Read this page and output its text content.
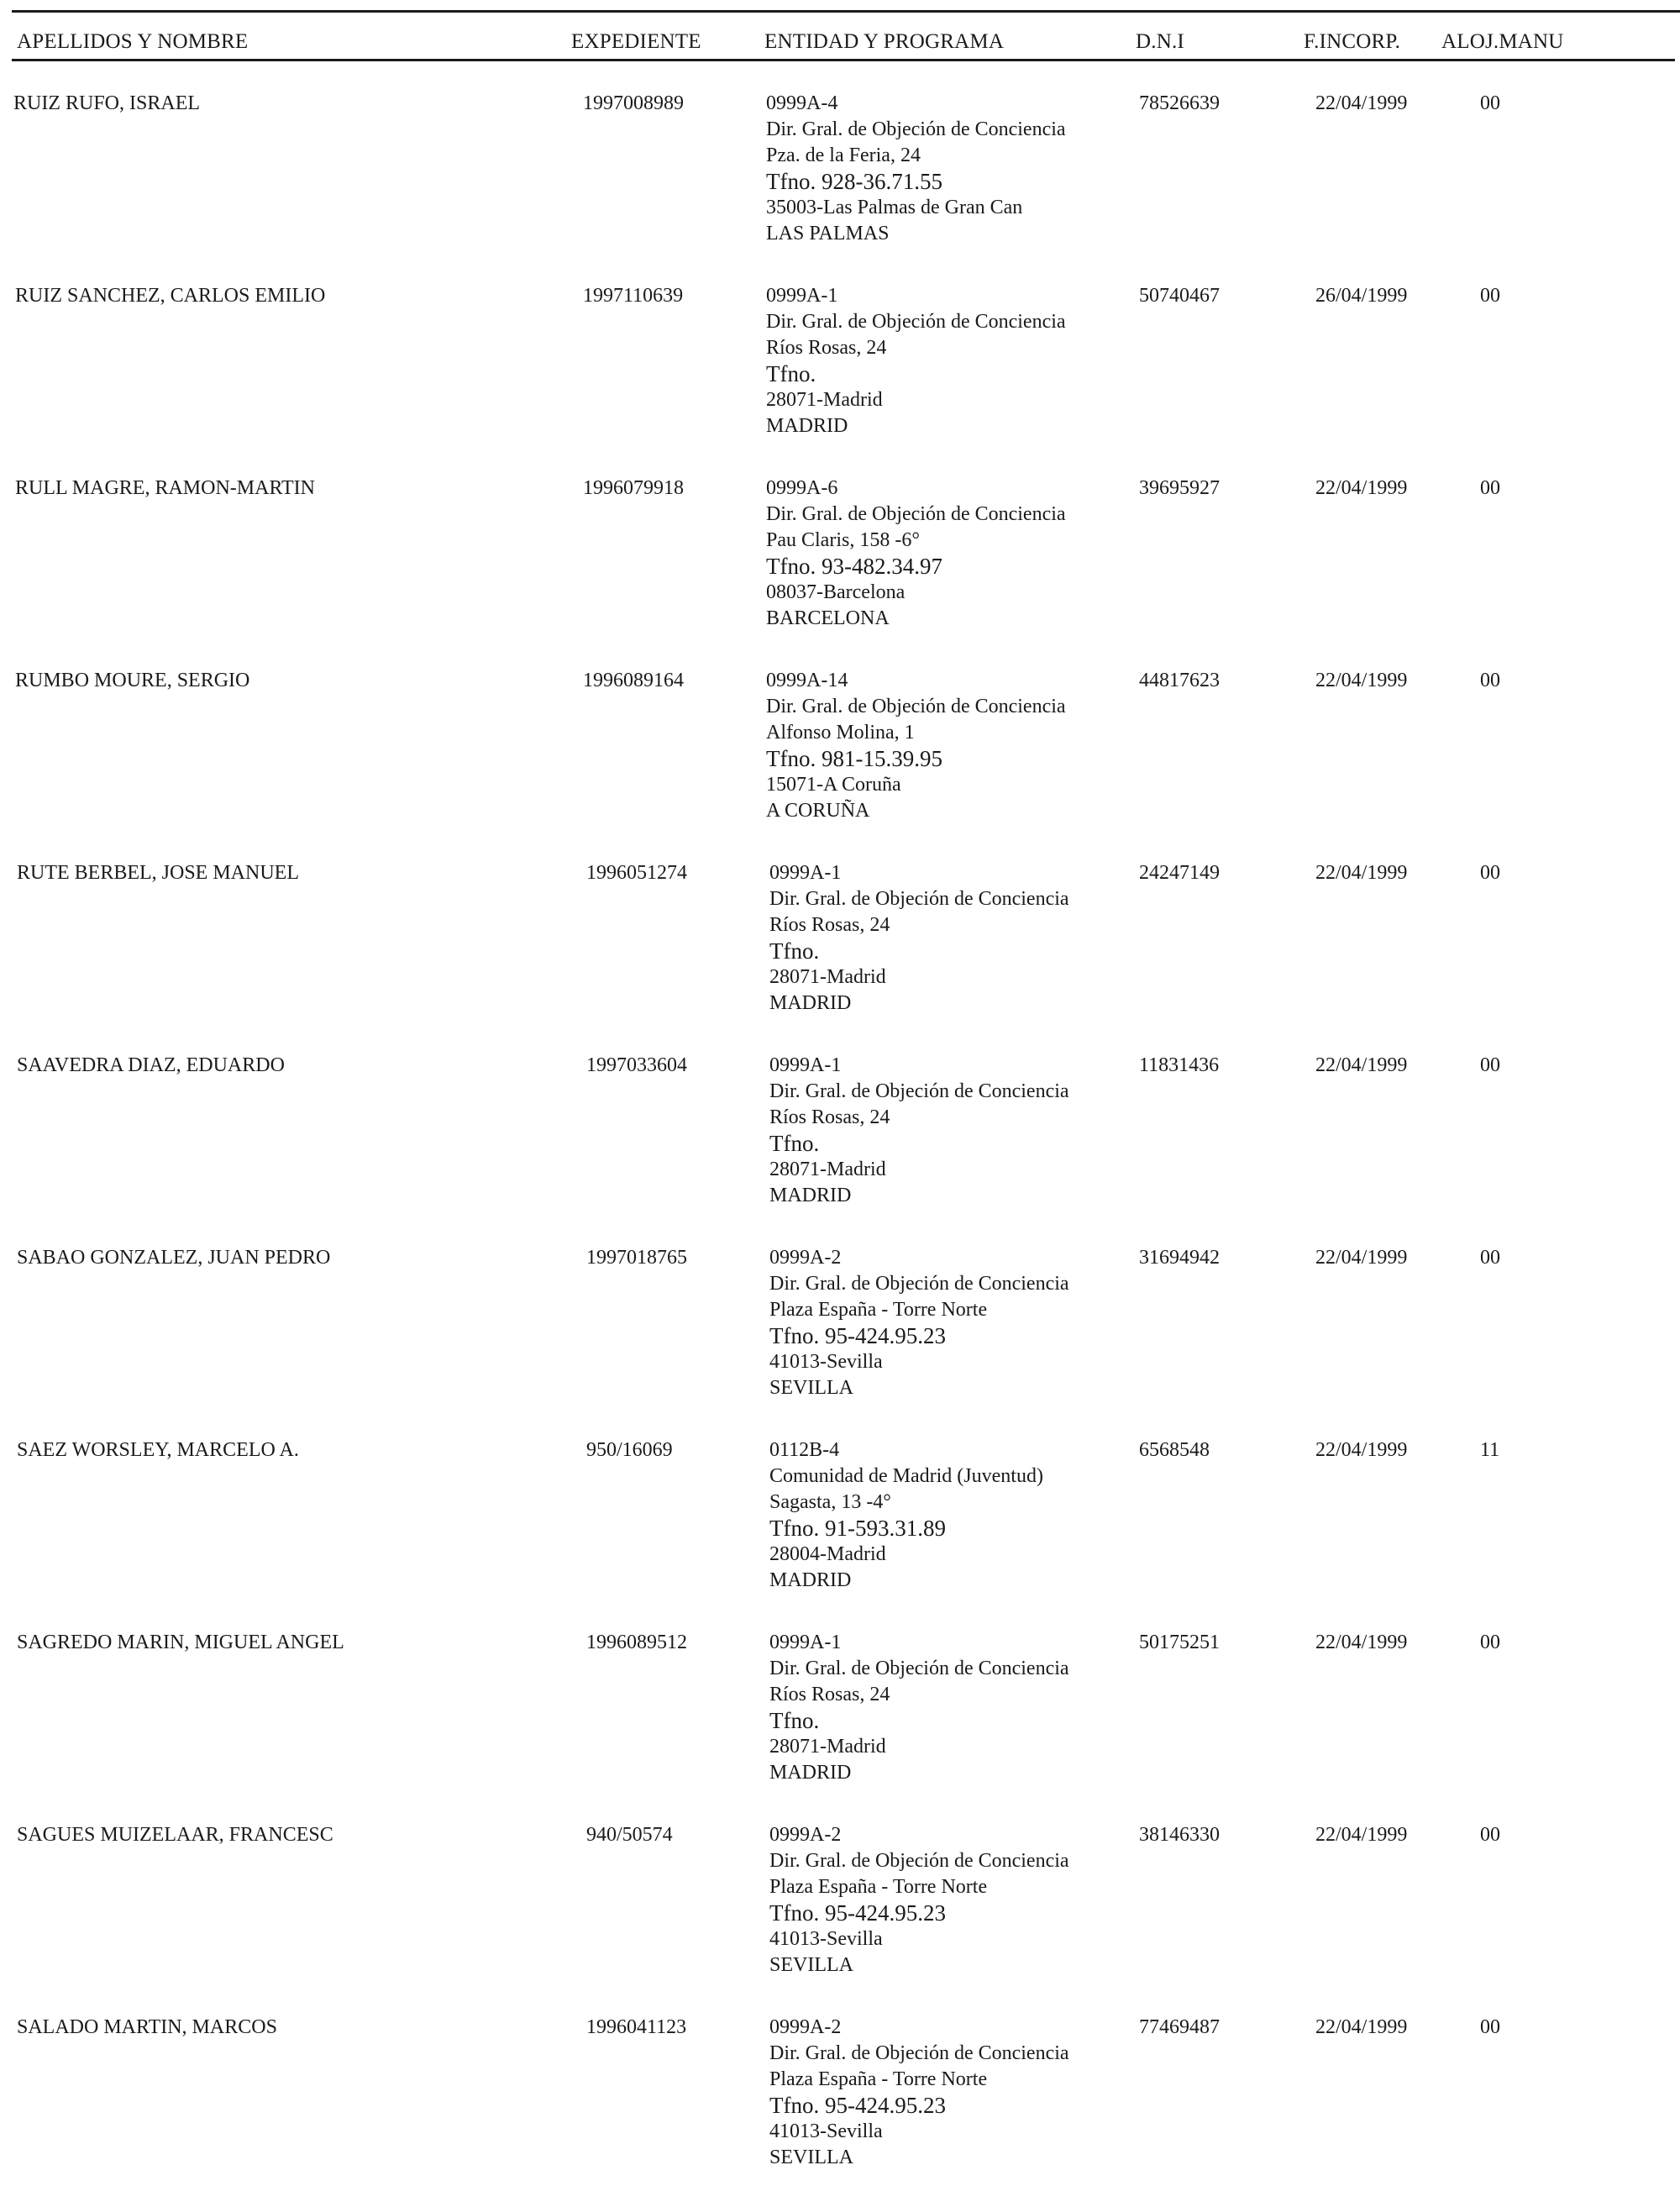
APELLIDOS Y NOMBRE	EXPEDIENTE	ENTIDAD Y PROGRAMA	D.N.I	F.INCORP. ALOJ.MANU
RUIZ RUFO, ISRAEL	1997008989	0999A-4
Dir. Gral. de Objeción de Conciencia
Pza. de la Feria, 24
Tfno. 928-36.71.55
35003-Las Palmas de Gran Can
LAS PALMAS
78526639	22/04/1999	00
RUIZ SANCHEZ, CARLOS EMILIO	1997110639	0999A-1
Dir. Gral. de Objeción de Conciencia
Ríos Rosas, 24
Tfno.
28071-Madrid
MADRID
50740467	26/04/1999	00
RULL MAGRE, RAMON-MARTIN	1996079918	0999A-6
Dir. Gral. de Objeción de Conciencia
Pau Claris, 158 -6°
Tfno. 93-482.34.97
08037-Barcelona
BARCELONA
39695927	22/04/1999	00
RUMBO MOURE, SERGIO	1996089164	0999A-14
Dir. Gral. de Objeción de Conciencia
Alfonso Molina, 1
Tfno. 981-15.39.95
15071-A Coruña
A CORUÑA
44817623	22/04/1999	00
RUTE BERBEL, JOSE MANUEL	1996051274	0999A-1
Dir. Gral. de Objeción de Conciencia
Ríos Rosas, 24
Tfno.
28071-Madrid
MADRID
24247149	22/04/1999	00
SAAVEDRA DIAZ, EDUARDO	1997033604	0999A-1
Dir. Gral. de Objeción de Conciencia
Ríos Rosas, 24
Tfno.
28071-Madrid
MADRID
11831436	22/04/1999	00
SABAO GONZALEZ, JUAN PEDRO	1997018765	0999A-2
Dir. Gral. de Objeción de Conciencia
Plaza España - Torre Norte
Tfno. 95-424.95.23
41013-Sevilla
SEVILLA
31694942	22/04/1999	00
SAEZ WORSLEY, MARCELO A.	950/16069	0112B-4
Comunidad de Madrid (Juventud)
Sagasta, 13 -4°
Tfno. 91-593.31.89
28004-Madrid
MADRID
6568548	22/04/1999	11
SAGREDO MARIN, MIGUEL ANGEL	1996089512	0999A-1
Dir. Gral. de Objeción de Conciencia
Ríos Rosas, 24
Tfno.
28071-Madrid
MADRID
50175251	22/04/1999	00
SAGUES MUIZELAAR, FRANCESC	940/50574	0999A-2
Dir. Gral. de Objeción de Conciencia
Plaza España - Torre Norte
Tfno. 95-424.95.23
41013-Sevilla
SEVILLA
38146330	22/04/1999	00
SALADO MARTIN, MARCOS	1996041123	0999A-2
Dir. Gral. de Objeción de Conciencia
Plaza España - Torre Norte
Tfno. 95-424.95.23
41013-Sevilla
SEVILLA
77469487	22/04/1999	00
